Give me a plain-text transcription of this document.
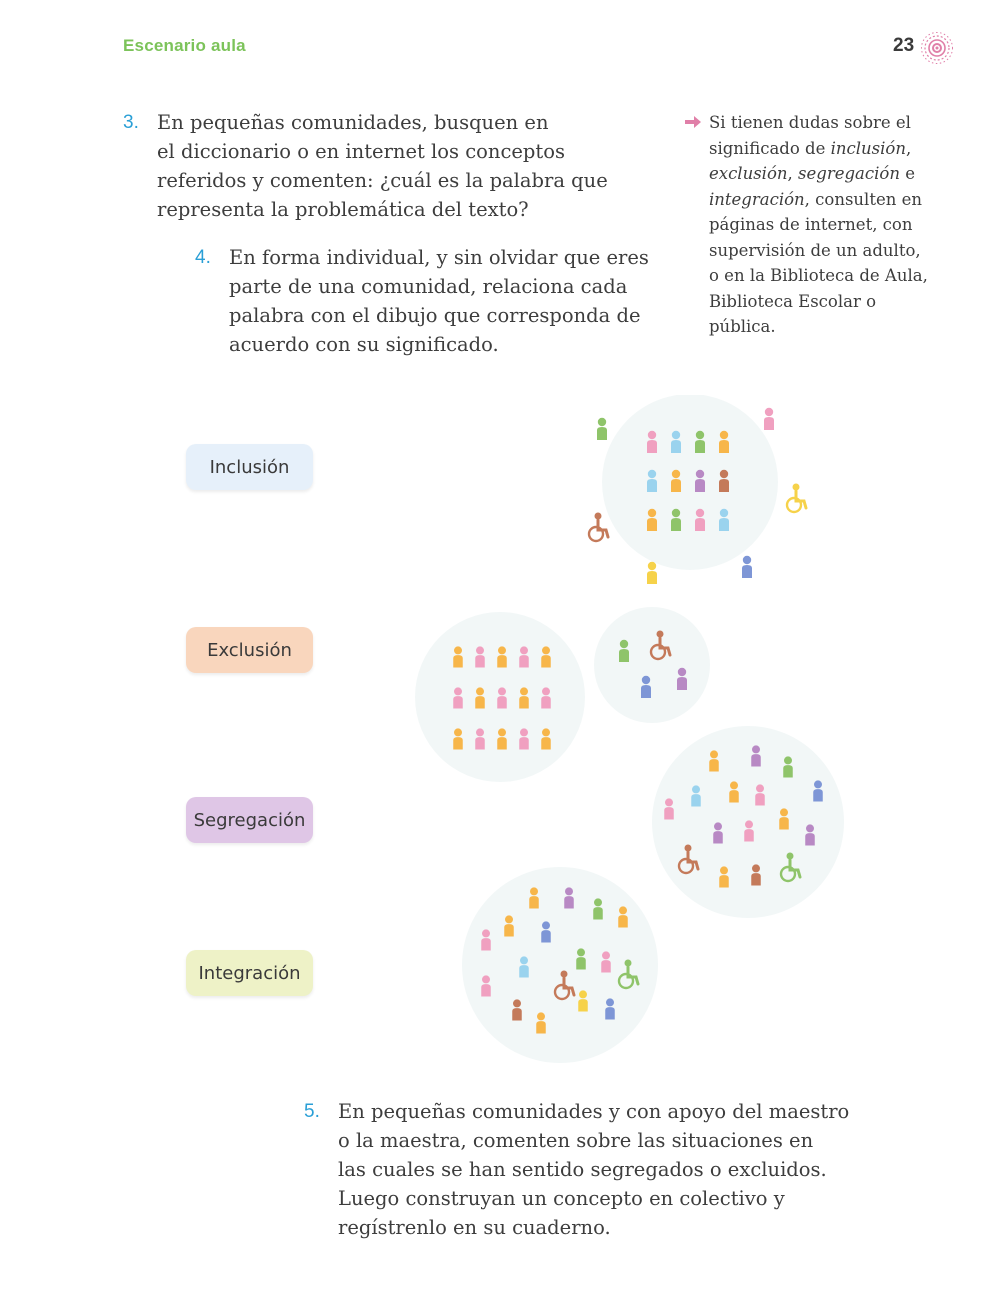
Escenario aula	23
3. En pequeñas comunidades, busquen en
el diccionario o en internet los conceptos
referidos y comenten: ¿cuál es la palabra que
representa la problemática del texto?
4. En forma individual, y sin olvidar que eres
parte de una comunidad, relaciona cada
palabra con el dibujo que corresponda de
acuerdo con su significado.
Si tienen dudas sobre el significado de inclusión, exclusión, segregación e integración, consulten en páginas de internet, con supervisión de un adulto, o en la Biblioteca de Aula, Biblioteca Escolar o pública.
Inclusión
Exclusión
Segregación
Integración
5. En pequeñas comunidades y con apoyo del maestro
o la maestra, comenten sobre las situaciones en
las cuales se han sentido segregados o excluidos.
Luego construyan un concepto en colectivo y
regístrenlo en su cuaderno.
